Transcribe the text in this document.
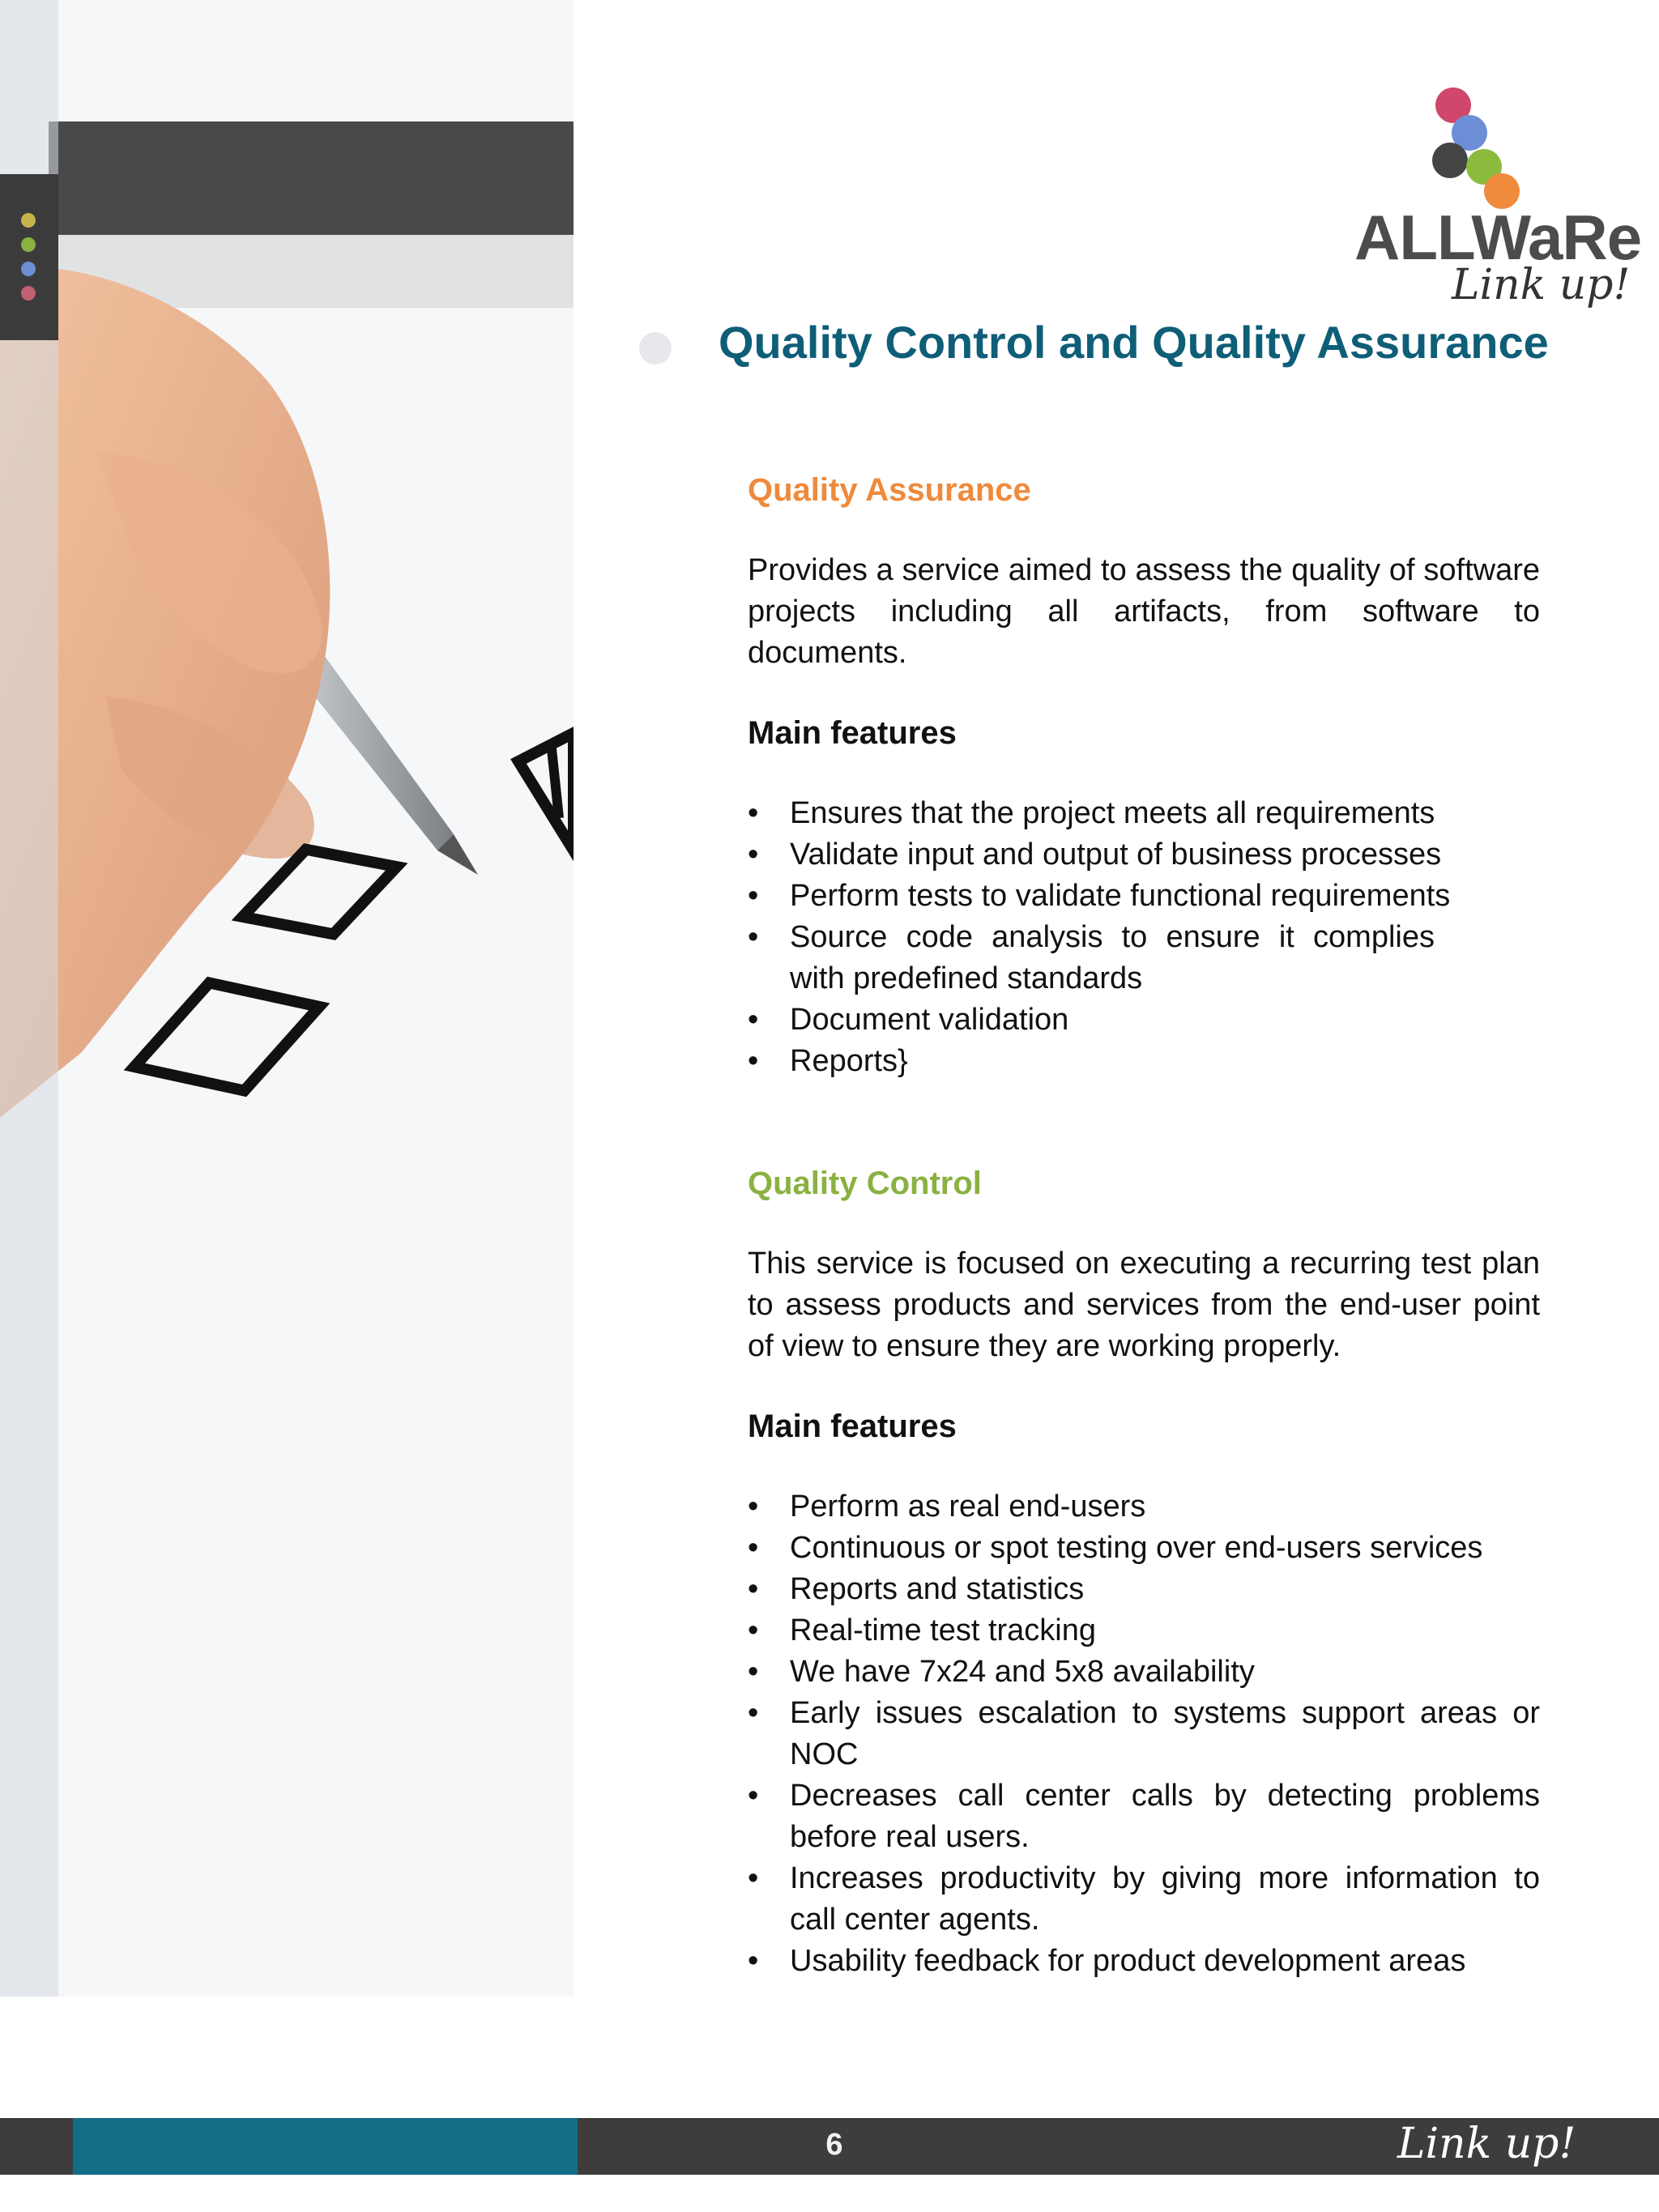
ALLWaRe
Link up!
Quality Control and Quality Assurance
Quality Assurance

Provides a service aimed to assess the quality of software projects including all artifacts, from software to documents.

Main features
• Ensures that the project meets all requirements
• Validate input and output of business processes
• Perform tests to validate functional requirements
• Source code analysis to ensure it complies with predefined standards
• Document validation
• Reports}
Quality Control

This service is focused on executing a recurring test plan to assess products and services from the end-user point of view to ensure they are working properly.

Main features
• Perform as real end-users
• Continuous or spot testing over end-users services
• Reports and statistics
• Real-time test tracking
• We have 7x24 and 5x8 availability
• Early issues escalation to systems support areas or NOC
• Decreases call center calls by detecting problems before real users.
• Increases productivity by giving more information to call center agents.
• Usability feedback for product development areas
6	Link up!
